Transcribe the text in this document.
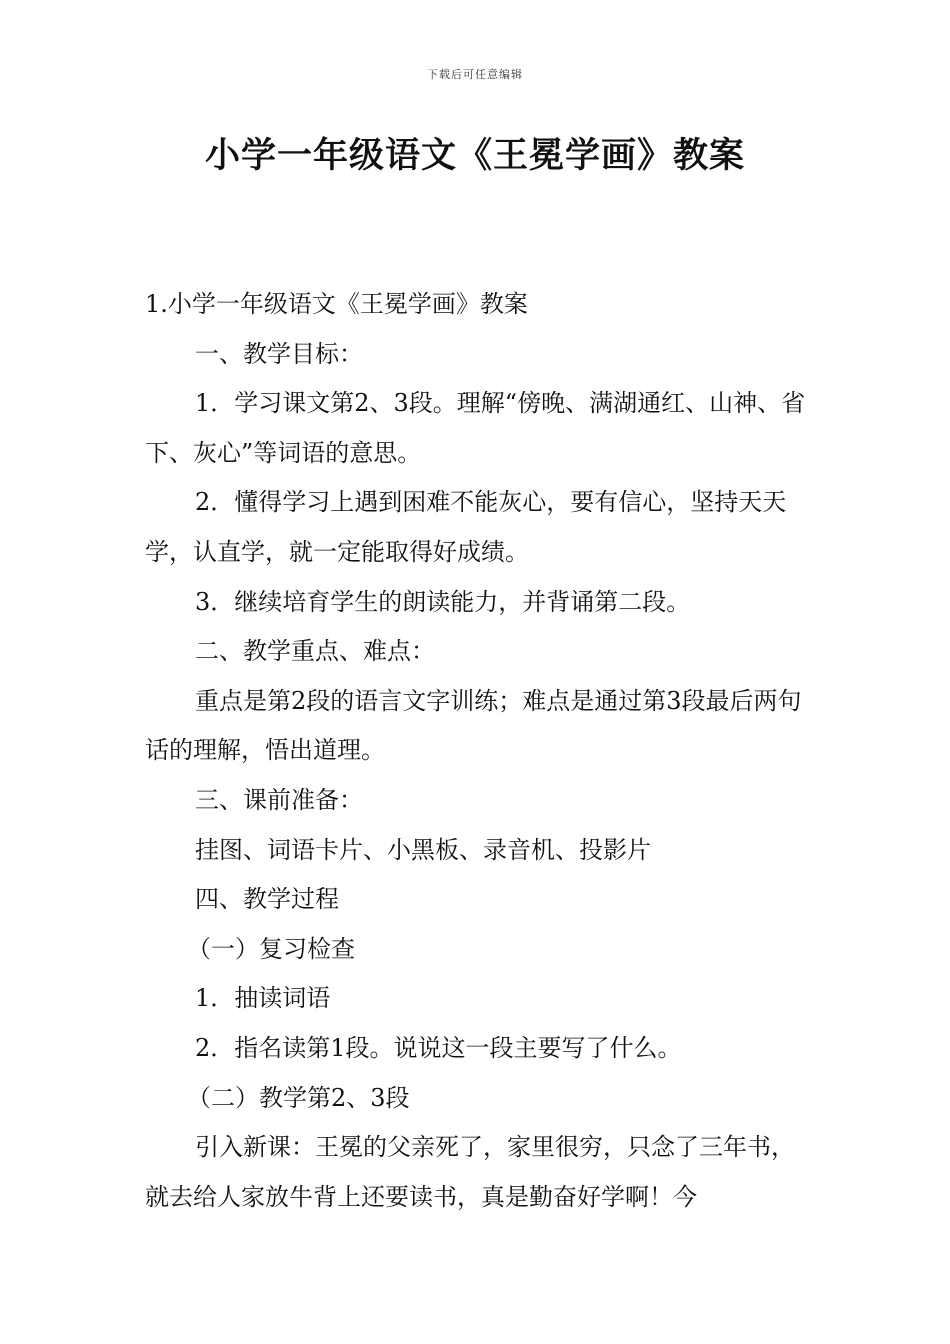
下载后可任意编辑
小学一年级语文《王冕学画》教案

1.小学一年级语文《王冕学画》教案

一、教学目标：

1．学习课文第2、3段。理解“傍晚、满湖通红、山神、省下、灰心”等词语的意思。

2．懂得学习上遇到困难不能灰心，要有信心，坚持天天学，认直学，就一定能取得好成绩。

3．继续培育学生的朗读能力，并背诵第二段。

二、教学重点、难点：

重点是第2段的语言文字训练；难点是通过第3段最后两句话的理解，悟出道理。

三、课前准备：

挂图、词语卡片、小黑板、录音机、投影片

四、教学过程

（一）复习检查

1．抽读词语

2．指名读第1段。说说这一段主要写了什么。

（二）教学第2、3段

引入新课：王冕的父亲死了，家里很穷，只念了三年书，就去给人家放牛背上还要读书，真是勤奋好学啊！今
